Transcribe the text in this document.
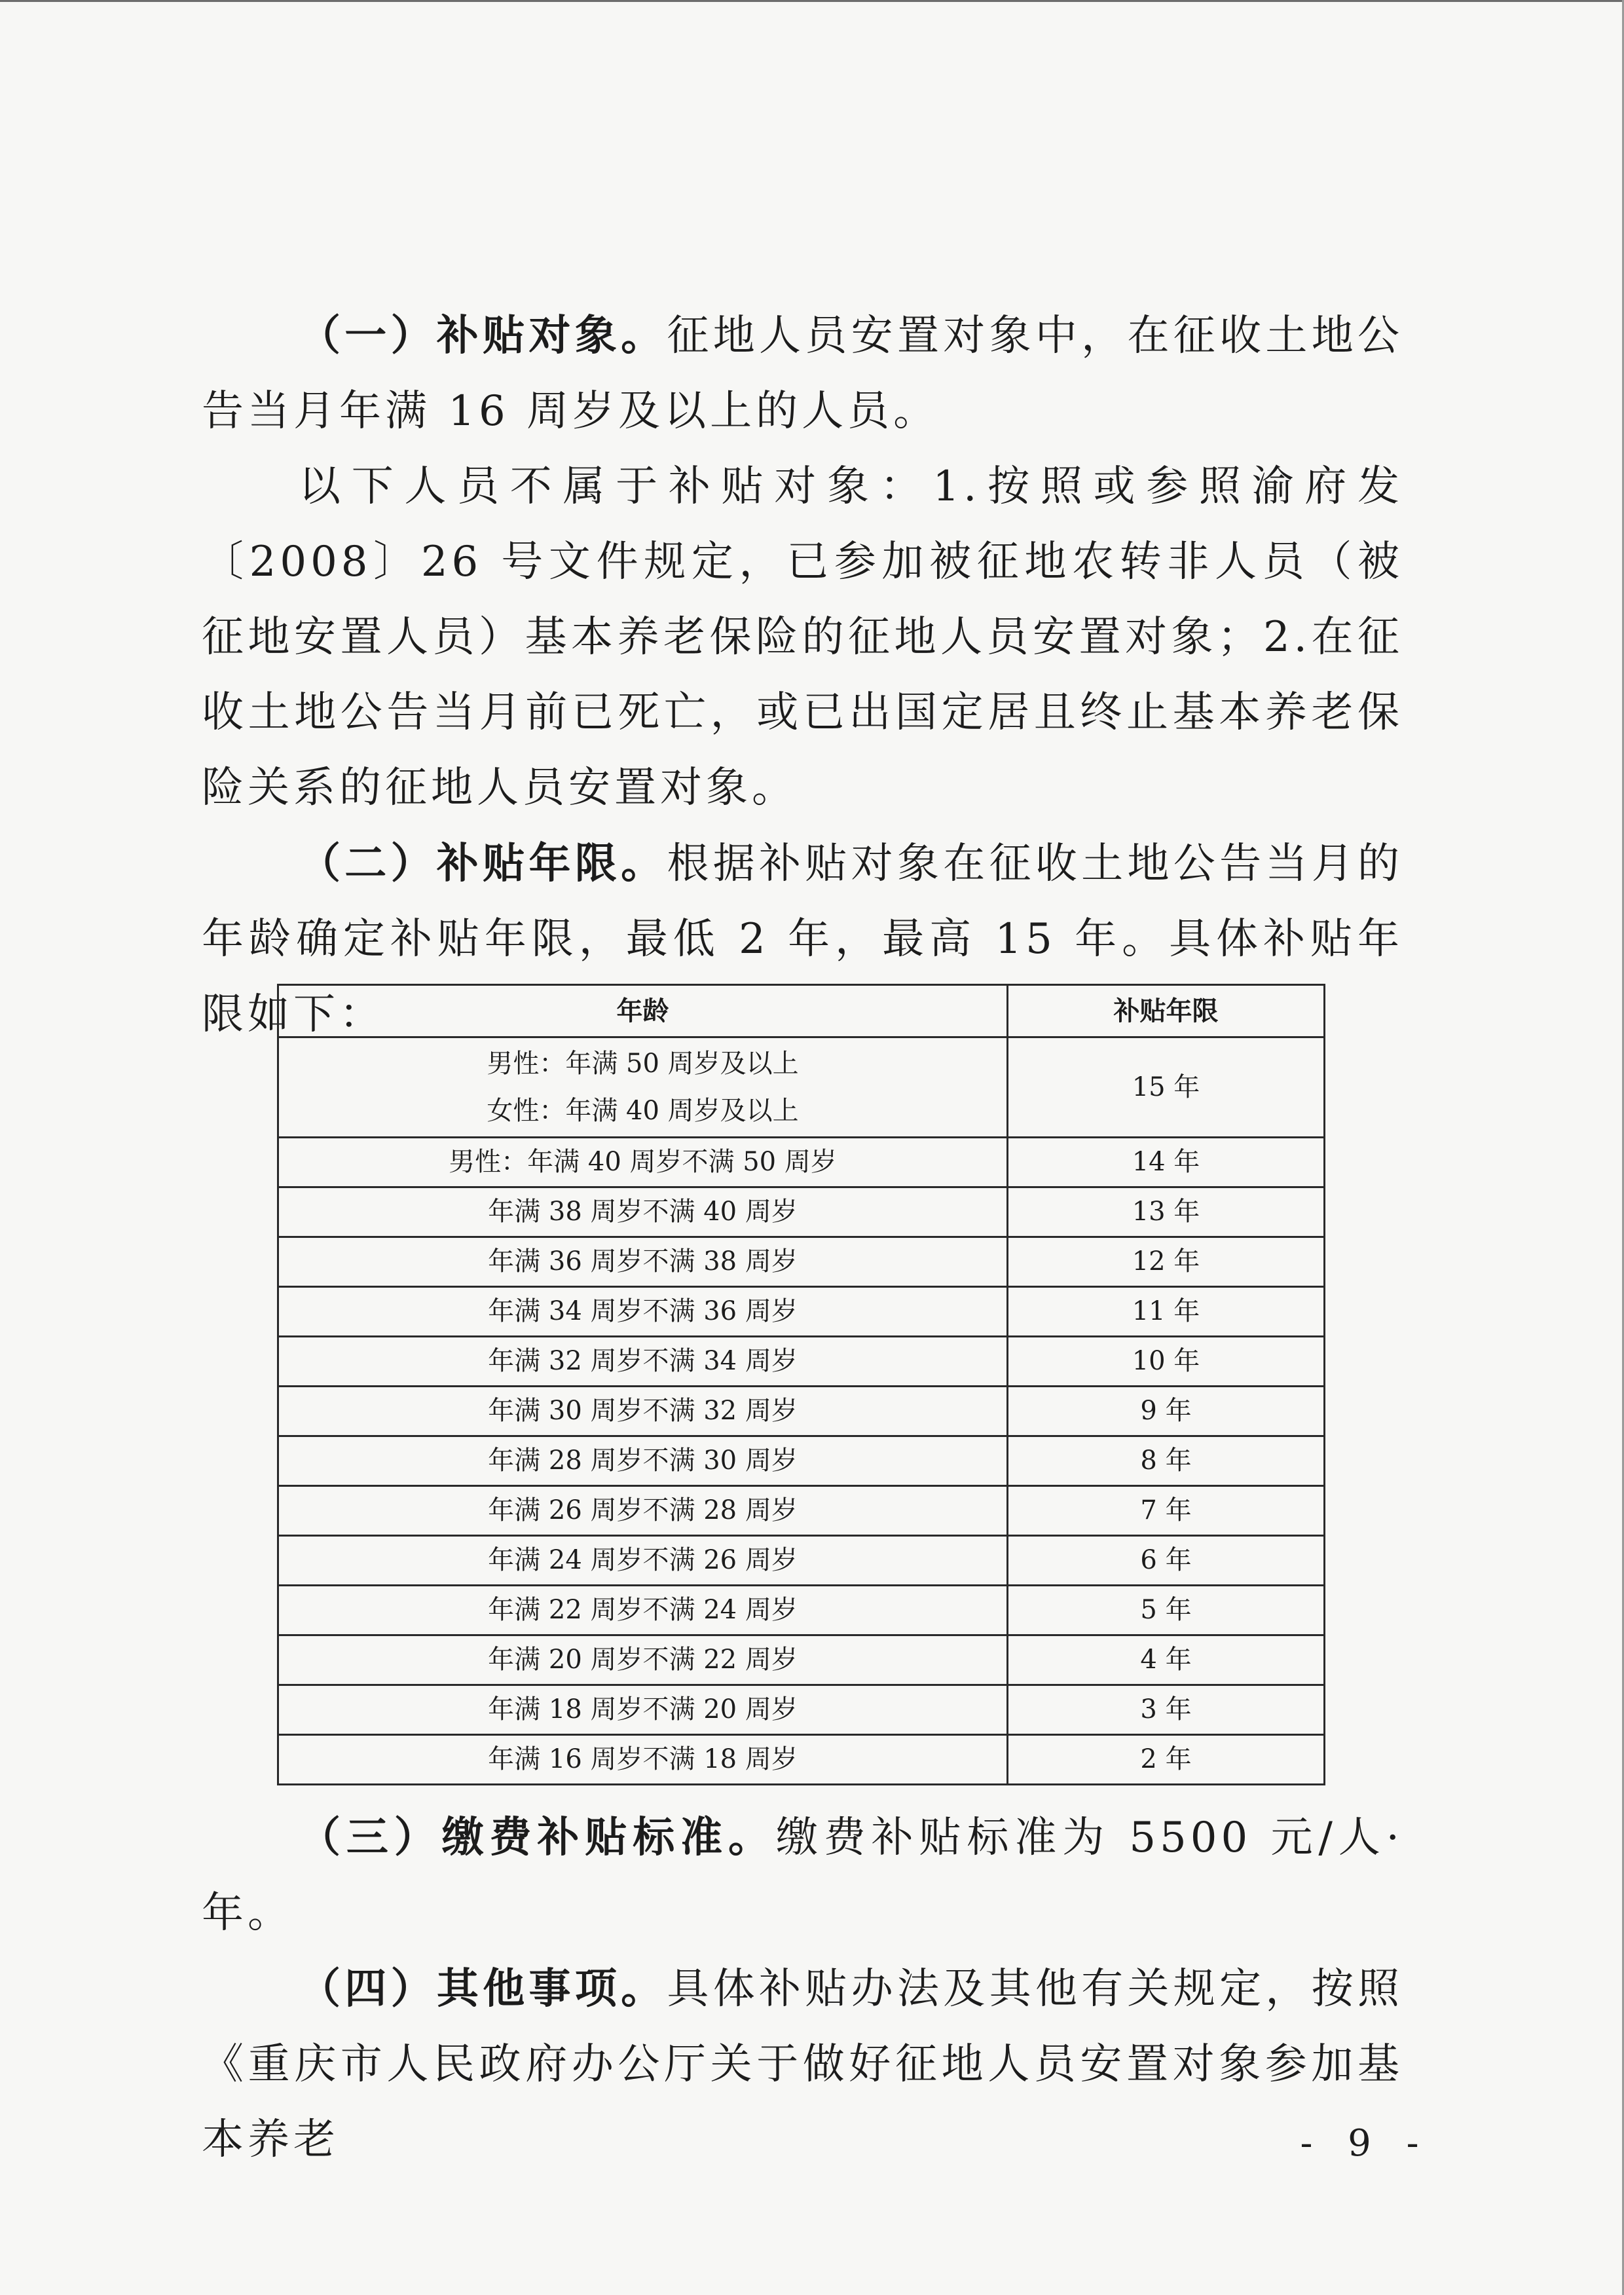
（一）补贴对象。征地人员安置对象中，在征收土地公告当月年满 16 周岁及以上的人员。

以下人员不属于补贴对象：1.按照或参照渝府发〔2008〕26 号文件规定，已参加被征地农转非人员（被征地安置人员）基本养老保险的征地人员安置对象；2.在征收土地公告当月前已死亡，或已出国定居且终止基本养老保险关系的征地人员安置对象。

（二）补贴年限。根据补贴对象在征收土地公告当月的年龄确定补贴年限，最低 2 年，最高 15 年。具体补贴年限如下：	年龄	补贴年限

男性：年满 50 周岁及以上
女性：年满 40 周岁及以上	15 年
男性：年满 40 周岁不满 50 周岁	14 年
年满 38 周岁不满 40 周岁	13 年
年满 36 周岁不满 38 周岁	12 年
年满 34 周岁不满 36 周岁	11 年
年满 32 周岁不满 34 周岁	10 年
年满 30 周岁不满 32 周岁	9 年
年满 28 周岁不满 30 周岁	8 年
年满 26 周岁不满 28 周岁	7 年
年满 24 周岁不满 26 周岁	6 年
年满 22 周岁不满 24 周岁	5 年
年满 20 周岁不满 22 周岁	4 年
年满 18 周岁不满 20 周岁	3 年
年满 16 周岁不满 18 周岁	2 年

（三）缴费补贴标准。缴费补贴标准为 5500 元/人·年。

（四）其他事项。具体补贴办法及其他有关规定，按照《重庆市人民政府办公厅关于做好征地人员安置对象参加基本养老	- 9 -
